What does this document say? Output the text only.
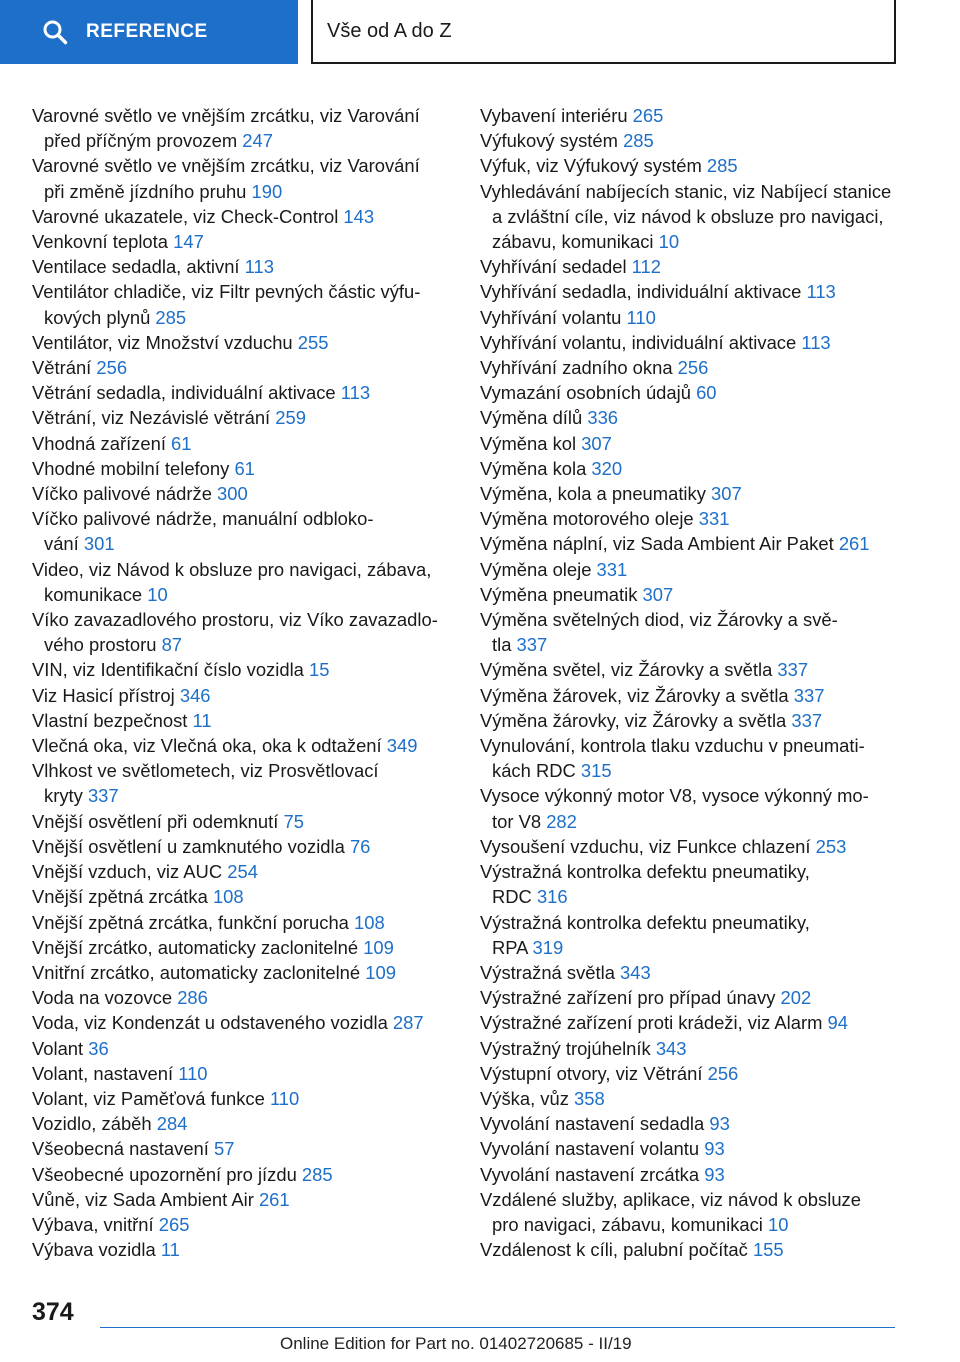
REFERENCE	Vše od A do Z
Varovné světlo ve vnějším zrcátku, viz Varování
před příčným provozem 247
Varovné světlo ve vnějším zrcátku, viz Varování
při změně jízdního pruhu 190
Varovné ukazatele, viz Check-Control 143
Venkovní teplota 147
Ventilace sedadla, aktivní 113
Ventilátor chladiče, viz Filtr pevných částic výfu-
kových plynů 285
Ventilátor, viz Množství vzduchu 255
Větrání 256
Větrání sedadla, individuální aktivace 113
Větrání, viz Nezávislé větrání 259
Vhodná zařízení 61
Vhodné mobilní telefony 61
Víčko palivové nádrže 300
Víčko palivové nádrže, manuální odbloko-
vání 301
Video, viz Návod k obsluze pro navigaci, zábava,
komunikace 10
Víko zavazadlového prostoru, viz Víko zavazadlo-
vého prostoru 87
VIN, viz Identifikační číslo vozidla 15
Viz Hasicí přístroj 346
Vlastní bezpečnost 11
Vlečná oka, viz Vlečná oka, oka k odtažení 349
Vlhkost ve světlometech, viz Prosvětlovací
kryty 337
Vnější osvětlení při odemknutí 75
Vnější osvětlení u zamknutého vozidla 76
Vnější vzduch, viz AUC 254
Vnější zpětná zrcátka 108
Vnější zpětná zrcátka, funkční porucha 108
Vnější zrcátko, automaticky zaclonitelné 109
Vnitřní zrcátko, automaticky zaclonitelné 109
Voda na vozovce 286
Voda, viz Kondenzát u odstaveného vozidla 287
Volant 36
Volant, nastavení 110
Volant, viz Paměťová funkce 110
Vozidlo, záběh 284
Všeobecná nastavení 57
Všeobecné upozornění pro jízdu 285
Vůně, viz Sada Ambient Air 261
Výbava, vnitřní 265
Výbava vozidla 11
Vybavení interiéru 265
Výfukový systém 285
Výfuk, viz Výfukový systém 285
Vyhledávání nabíjecích stanic, viz Nabíjecí stanice
a zvláštní cíle, viz návod k obsluze pro navigaci,
zábavu, komunikaci 10
Vyhřívání sedadel 112
Vyhřívání sedadla, individuální aktivace 113
Vyhřívání volantu 110
Vyhřívání volantu, individuální aktivace 113
Vyhřívání zadního okna 256
Vymazání osobních údajů 60
Výměna dílů 336
Výměna kol 307
Výměna kola 320
Výměna, kola a pneumatiky 307
Výměna motorového oleje 331
Výměna náplní, viz Sada Ambient Air Paket 261
Výměna oleje 331
Výměna pneumatik 307
Výměna světelných diod, viz Žárovky a svě-
tla 337
Výměna světel, viz Žárovky a světla 337
Výměna žárovek, viz Žárovky a světla 337
Výměna žárovky, viz Žárovky a světla 337
Vynulování, kontrola tlaku vzduchu v pneumati-
kách RDC 315
Vysoce výkonný motor V8, vysoce výkonný mo-
tor V8 282
Vysoušení vzduchu, viz Funkce chlazení 253
Výstražná kontrolka defektu pneumatiky,
RDC 316
Výstražná kontrolka defektu pneumatiky,
RPA 319
Výstražná světla 343
Výstražné zařízení pro případ únavy 202
Výstražné zařízení proti krádeži, viz Alarm 94
Výstražný trojúhelník 343
Výstupní otvory, viz Větrání 256
Výška, vůz 358
Vyvolání nastavení sedadla 93
Vyvolání nastavení volantu 93
Vyvolání nastavení zrcátka 93
Vzdálené služby, aplikace, viz návod k obsluze
pro navigaci, zábavu, komunikaci 10
Vzdálenost k cíli, palubní počítač 155
374
Online Edition for Part no. 01402720685 - II/19
